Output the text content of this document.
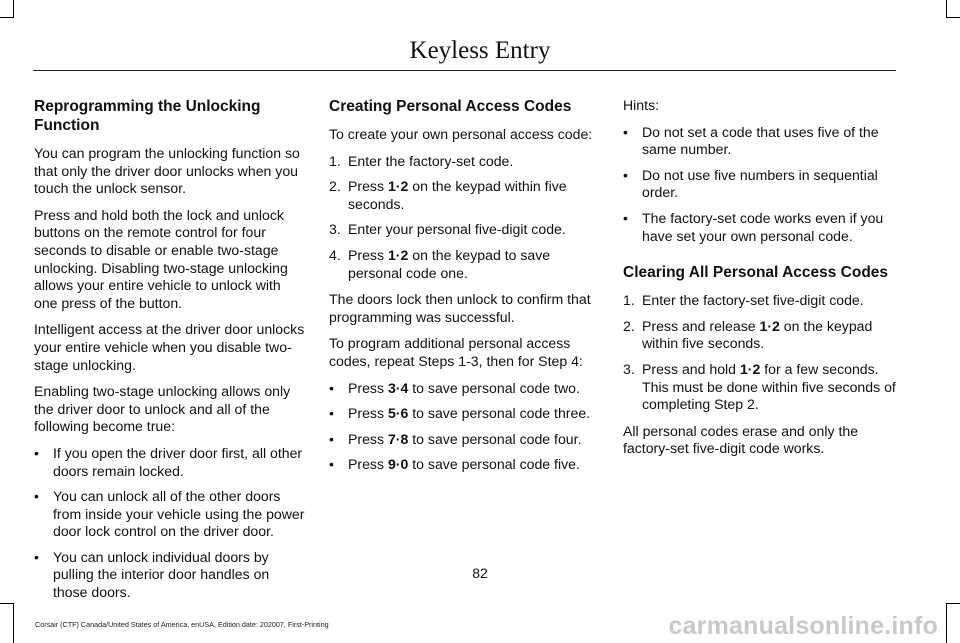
Keyless Entry
Reprogramming the Unlocking Function

You can program the unlocking function so that only the driver door unlocks when you touch the unlock sensor.

Press and hold both the lock and unlock buttons on the remote control for four seconds to disable or enable two-stage unlocking. Disabling two-stage unlocking allows your entire vehicle to unlock with one press of the button.

Intelligent access at the driver door unlocks your entire vehicle when you disable two-stage unlocking.

Enabling two-stage unlocking allows only the driver door to unlock and all of the following become true:

• If you open the driver door first, all other doors remain locked.
• You can unlock all of the other doors from inside your vehicle using the power door lock control on the driver door.
• You can unlock individual doors by pulling the interior door handles on those doors.
Creating Personal Access Codes

To create your own personal access code:

1. Enter the factory-set code.
2. Press 1·2 on the keypad within five seconds.
3. Enter your personal five-digit code.
4. Press 1·2 on the keypad to save personal code one.

The doors lock then unlock to confirm that programming was successful.

To program additional personal access codes, repeat Steps 1-3, then for Step 4:

• Press 3·4 to save personal code two.
• Press 5·6 to save personal code three.
• Press 7·8 to save personal code four.
• Press 9·0 to save personal code five.

Hints:

• Do not set a code that uses five of the same number.
• Do not use five numbers in sequential order.
• The factory-set code works even if you have set your own personal code.
Clearing All Personal Access Codes
1. Enter the factory-set five-digit code.
2. Press and release 1·2 on the keypad within five seconds.
3. Press and hold 1·2 for a few seconds. This must be done within five seconds of completing Step 2.

All personal codes erase and only the factory-set five-digit code works.

82
Corsair (CTF) Canada/United States of America, enUSA, Edition date: 202007, First-Printing	carmanualsonline.info
